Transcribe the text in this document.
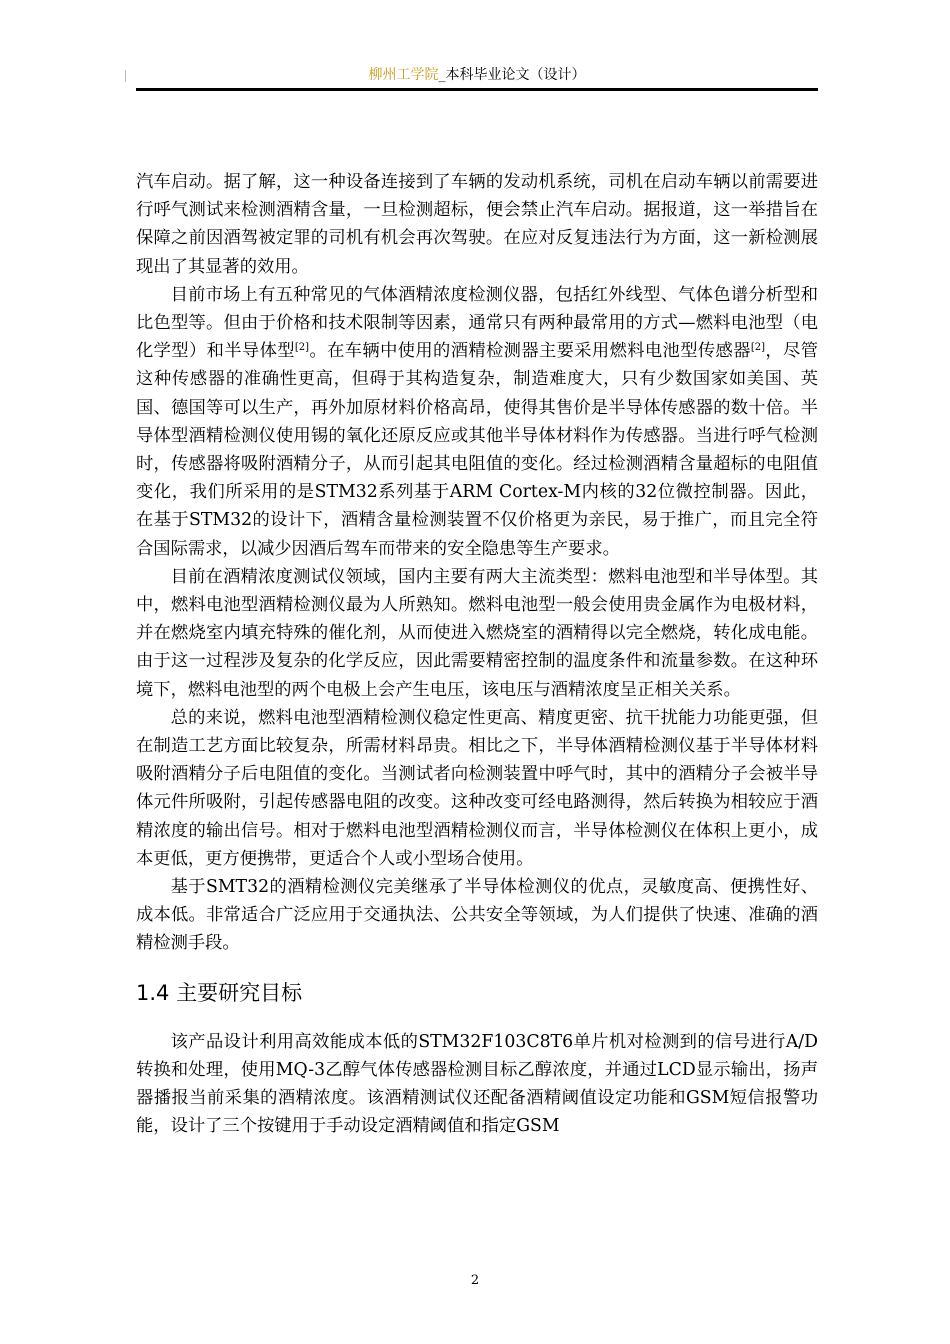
柳州工学院_本科毕业论文（设计）

汽车启动。据了解，这一种设备连接到了车辆的发动机系统，司机在启动车辆以前需要进行呼气测试来检测酒精含量，一旦检测超标，便会禁止汽车启动。据报道，这一举措旨在保障之前因酒驾被定罪的司机有机会再次驾驶。在应对反复违法行为方面，这一新检测展现出了其显著的效用。

目前市场上有五种常见的气体酒精浓度检测仪器，包括红外线型、气体色谱分析型和比色型等。但由于价格和技术限制等因素，通常只有两种最常用的方式—燃料电池型（电化学型）和半导体型[2]。在车辆中使用的酒精检测器主要采用燃料电池型传感器[2]，尽管这种传感器的准确性更高，但碍于其构造复杂，制造难度大，只有少数国家如美国、英国、德国等可以生产，再外加原材料价格高昂，使得其售价是半导体传感器的数十倍。半导体型酒精检测仪使用锡的氧化还原反应或其他半导体材料作为传感器。当进行呼气检测时，传感器将吸附酒精分子，从而引起其电阻值的变化。经过检测酒精含量超标的电阻值变化，我们所采用的是STM32系列基于ARM Cortex-M内核的32位微控制器。因此，在基于STM32的设计下，酒精含量检测装置不仅价格更为亲民，易于推广，而且完全符合国际需求，以减少因酒后驾车而带来的安全隐患等生产要求。

目前在酒精浓度测试仪领域，国内主要有两大主流类型：燃料电池型和半导体型。其中，燃料电池型酒精检测仪最为人所熟知。燃料电池型一般会使用贵金属作为电极材料，并在燃烧室内填充特殊的催化剂，从而使进入燃烧室的酒精得以完全燃烧，转化成电能。由于这一过程涉及复杂的化学反应，因此需要精密控制的温度条件和流量参数。在这种环境下，燃料电池型的两个电极上会产生电压，该电压与酒精浓度呈正相关关系。

总的来说，燃料电池型酒精检测仪稳定性更高、精度更密、抗干扰能力功能更强，但在制造工艺方面比较复杂，所需材料昂贵。相比之下，半导体酒精检测仪基于半导体材料吸附酒精分子后电阻值的变化。当测试者向检测装置中呼气时，其中的酒精分子会被半导体元件所吸附，引起传感器电阻的改变。这种改变可经电路测得，然后转换为相较应于酒精浓度的输出信号。相对于燃料电池型酒精检测仪而言，半导体检测仪在体积上更小，成本更低，更方便携带，更适合个人或小型场合使用。

基于SMT32的酒精检测仪完美继承了半导体检测仪的优点，灵敏度高、便携性好、成本低。非常适合广泛应用于交通执法、公共安全等领域，为人们提供了快速、准确的酒精检测手段。

1.4 主要研究目标

该产品设计利用高效能成本低的STM32F103C8T6单片机对检测到的信号进行A/D转换和处理，使用MQ-3乙醇气体传感器检测目标乙醇浓度，并通过LCD显示输出，扬声器播报当前采集的酒精浓度。该酒精测试仪还配备酒精阈值设定功能和GSM短信报警功能，设计了三个按键用于手动设定酒精阈值和指定GSM

2
